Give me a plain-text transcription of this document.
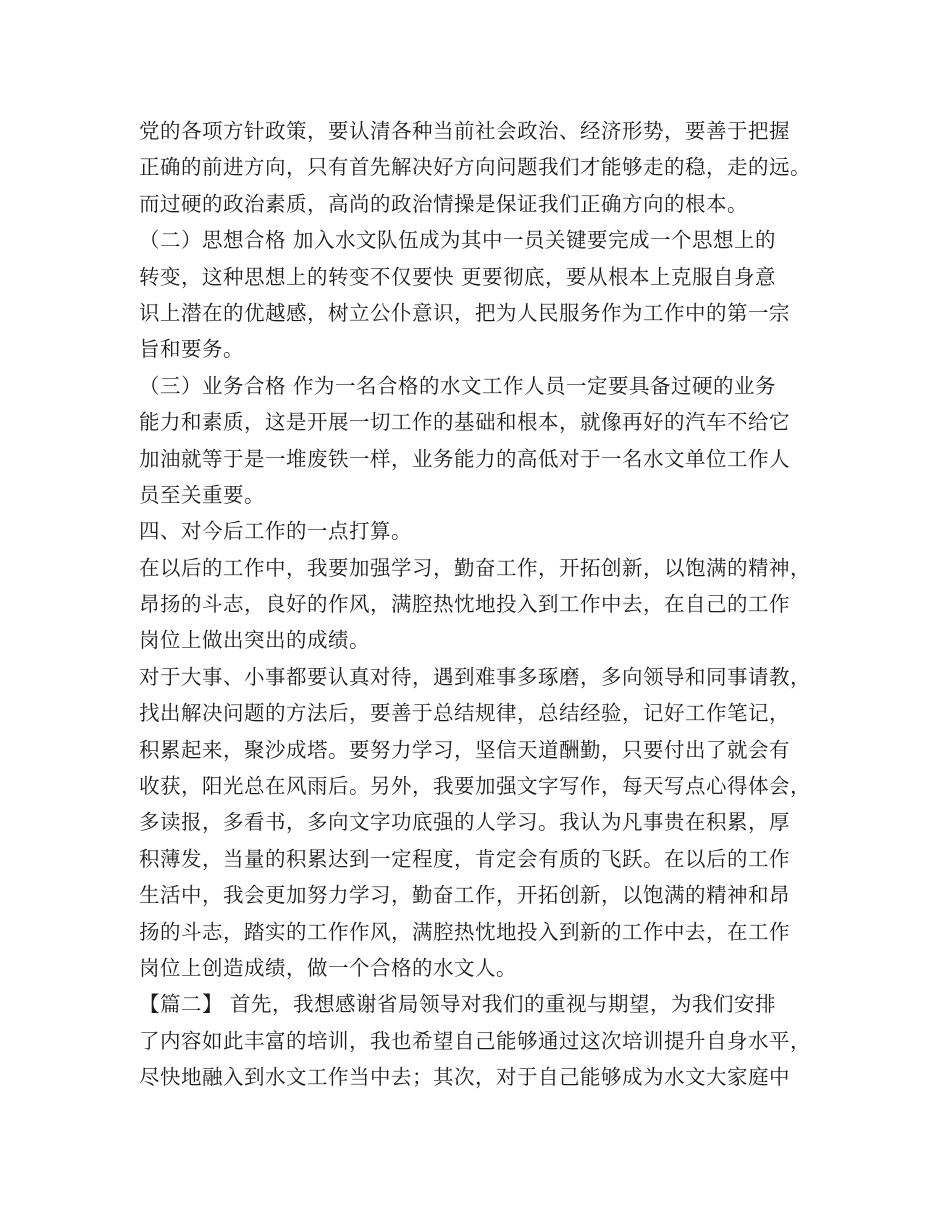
党的各项方针政策，要认清各种当前社会政治、经济形势，要善于把握
正确的前进方向，只有首先解决好方向问题我们才能够走的稳，走的远。
而过硬的政治素质，高尚的政治情操是保证我们正确方向的根本。
（二）思想合格 加入水文队伍成为其中一员关键要完成一个思想上的
转变，这种思想上的转变不仅要快 更要彻底，要从根本上克服自身意
识上潜在的优越感，树立公仆意识，把为人民服务作为工作中的第一宗
旨和要务。
（三）业务合格 作为一名合格的水文工作人员一定要具备过硬的业务
能力和素质，这是开展一切工作的基础和根本，就像再好的汽车不给它
加油就等于是一堆废铁一样，业务能力的高低对于一名水文单位工作人
员至关重要。
四、对今后工作的一点打算。
在以后的工作中，我要加强学习，勤奋工作，开拓创新，以饱满的精神，
昂扬的斗志，良好的作风，满腔热忱地投入到工作中去，在自己的工作
岗位上做出突出的成绩。
对于大事、小事都要认真对待，遇到难事多琢磨，多向领导和同事请教，
找出解决问题的方法后，要善于总结规律，总结经验，记好工作笔记，
积累起来，聚沙成塔。要努力学习，坚信天道酬勤，只要付出了就会有
收获，阳光总在风雨后。另外，我要加强文字写作，每天写点心得体会，
多读报，多看书，多向文字功底强的人学习。我认为凡事贵在积累，厚
积薄发，当量的积累达到一定程度，肯定会有质的飞跃。在以后的工作
生活中，我会更加努力学习，勤奋工作，开拓创新，以饱满的精神和昂
扬的斗志，踏实的工作作风，满腔热忱地投入到新的工作中去，在工作
岗位上创造成绩，做一个合格的水文人。
【篇二】 首先，我想感谢省局领导对我们的重视与期望，为我们安排
了内容如此丰富的培训，我也希望自己能够通过这次培训提升自身水平，
尽快地融入到水文工作当中去；其次，对于自己能够成为水文大家庭中
